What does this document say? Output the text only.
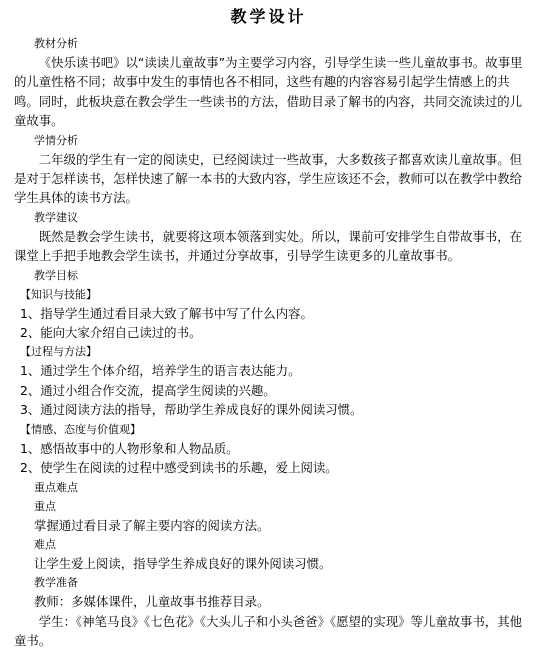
教学设计
教材分析

《快乐读书吧》以“读读儿童故事”为主要学习内容，引导学生读一些儿童故事书。故事里的儿童性格不同；故事中发生的事情也各不相同，这些有趣的内容容易引起学生情感上的共鸣。同时，此板块意在教会学生一些读书的方法，借助目录了解书的内容，共同交流读过的儿童故事。

学情分析

二年级的学生有一定的阅读史，已经阅读过一些故事，大多数孩子都喜欢读儿童故事。但是对于怎样读书，怎样快速了解一本书的大致内容，学生应该还不会，教师可以在教学中教给学生具体的读书方法。

教学建议

既然是教会学生读书，就要将这项本领落到实处。所以，课前可安排学生自带故事书，在课堂上手把手地教会学生读书，并通过分享故事，引导学生读更多的儿童故事书。

教学目标
【知识与技能】
1、指导学生通过看目录大致了解书中写了什么内容。
2、能向大家介绍自己读过的书。
【过程与方法】
1、通过学生个体介绍，培养学生的语言表达能力。
2、通过小组合作交流，提高学生阅读的兴趣。
3、通过阅读方法的指导，帮助学生养成良好的课外阅读习惯。
【情感、态度与价值观】
1、感悟故事中的人物形象和人物品质。
2、使学生在阅读的过程中感受到读书的乐趣，爱上阅读。
重点难点
重点
掌握通过看目录了解主要内容的阅读方法。
难点
让学生爱上阅读，指导学生养成良好的课外阅读习惯。
教学准备
教师：多媒体课件，儿童故事书推荐目录。

学生：《神笔马良》《七色花》《大头儿子和小头爸爸》《愿望的实现》等儿童故事书，其他童书。
